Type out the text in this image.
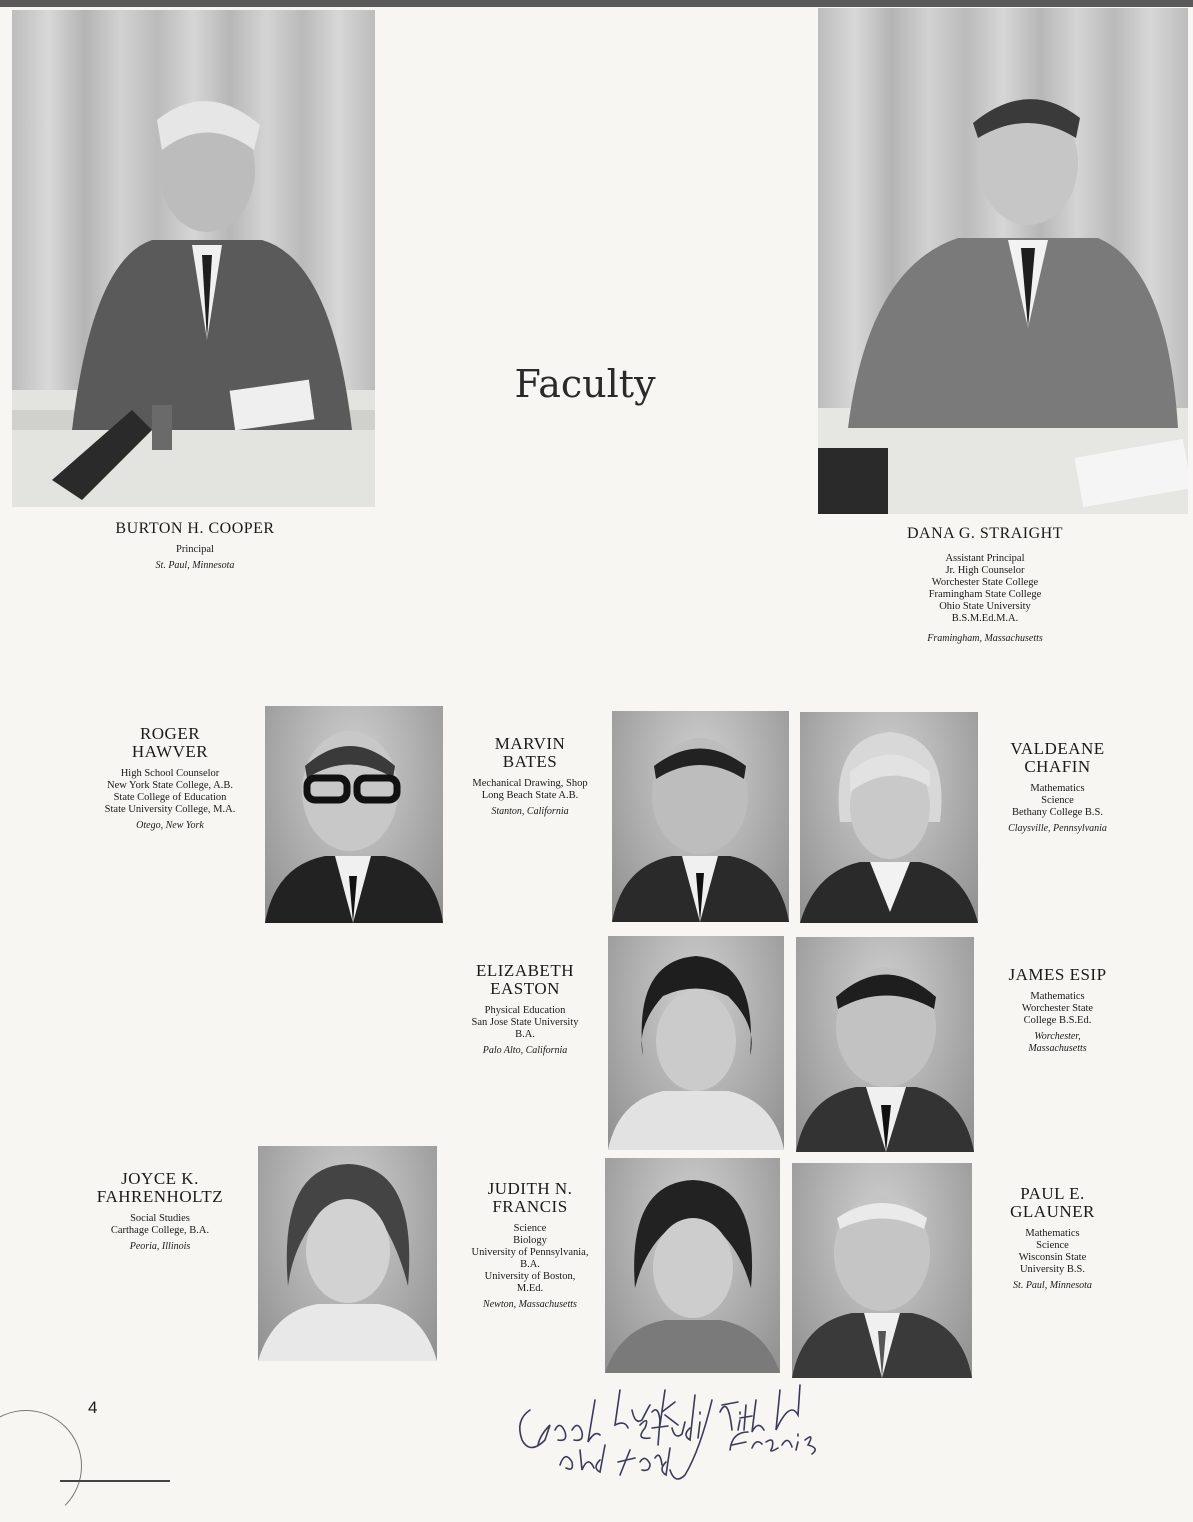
Faculty
BURTON H. COOPER
Principal
St. Paul, Minnesota
DANA G. STRAIGHT
Assistant Principal
Jr. High Counselor
Worchester State College
Framingham State College
Ohio State University
B.S.M.Ed.M.A.
Framingham, Massachusetts
ROGER
HAWVER
High School Counselor
New York State College, A.B.
State College of Education
State University College, M.A.
Otego, New York
MARVIN
BATES
Mechanical Drawing, Shop
Long Beach State A.B.
Stanton, California
VALDEANE
CHAFIN
Mathematics
Science
Bethany College B.S.
Claysville, Pennsylvania
ELIZABETH
EASTON
Physical Education
San Jose State University
B.A.
Palo Alto, California
JAMES ESIP
Mathematics
Worchester State
College B.S.Ed.
Worchester,
Massachusetts
JOYCE K.
FAHRENHOLTZ
Social Studies
Carthage College, B.A.
Peoria, Illinois
JUDITH N.
FRANCIS
Science
Biology
University of Pennsylvania,
B.A.
University of Boston,
M.Ed.
Newton, Massachusetts
PAUL E.
GLAUNER
Mathematics
Science
Wisconsin State
University B.S.
St. Paul, Minnesota
4
